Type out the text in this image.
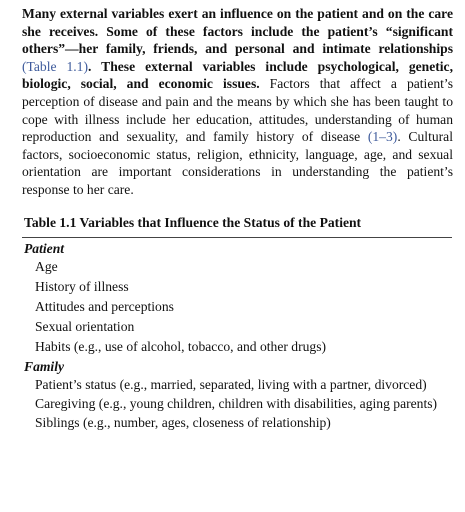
Many external variables exert an influence on the patient and on the care she receives. Some of these factors include the patient’s “significant others”—her family, friends, and personal and intimate relationships (Table 1.1). These external variables include psychological, genetic, biologic, social, and economic issues. Factors that affect a patient’s perception of disease and pain and the means by which she has been taught to cope with illness include her education, attitudes, understanding of human reproduction and sexuality, and family history of disease (1–3). Cultural factors, socioeconomic status, religion, ethnicity, language, age, and sexual orientation are important considerations in understanding the patient’s response to her care.

Table 1.1 Variables that Influence the Status of the Patient
Patient
Age
History of illness
Attitudes and perceptions
Sexual orientation
Habits (e.g., use of alcohol, tobacco, and other drugs)
Family
Patient’s status (e.g., married, separated, living with a partner, divorced)
Caregiving (e.g., young children, children with disabilities, aging parents)
Siblings (e.g., number, ages, closeness of relationship)
